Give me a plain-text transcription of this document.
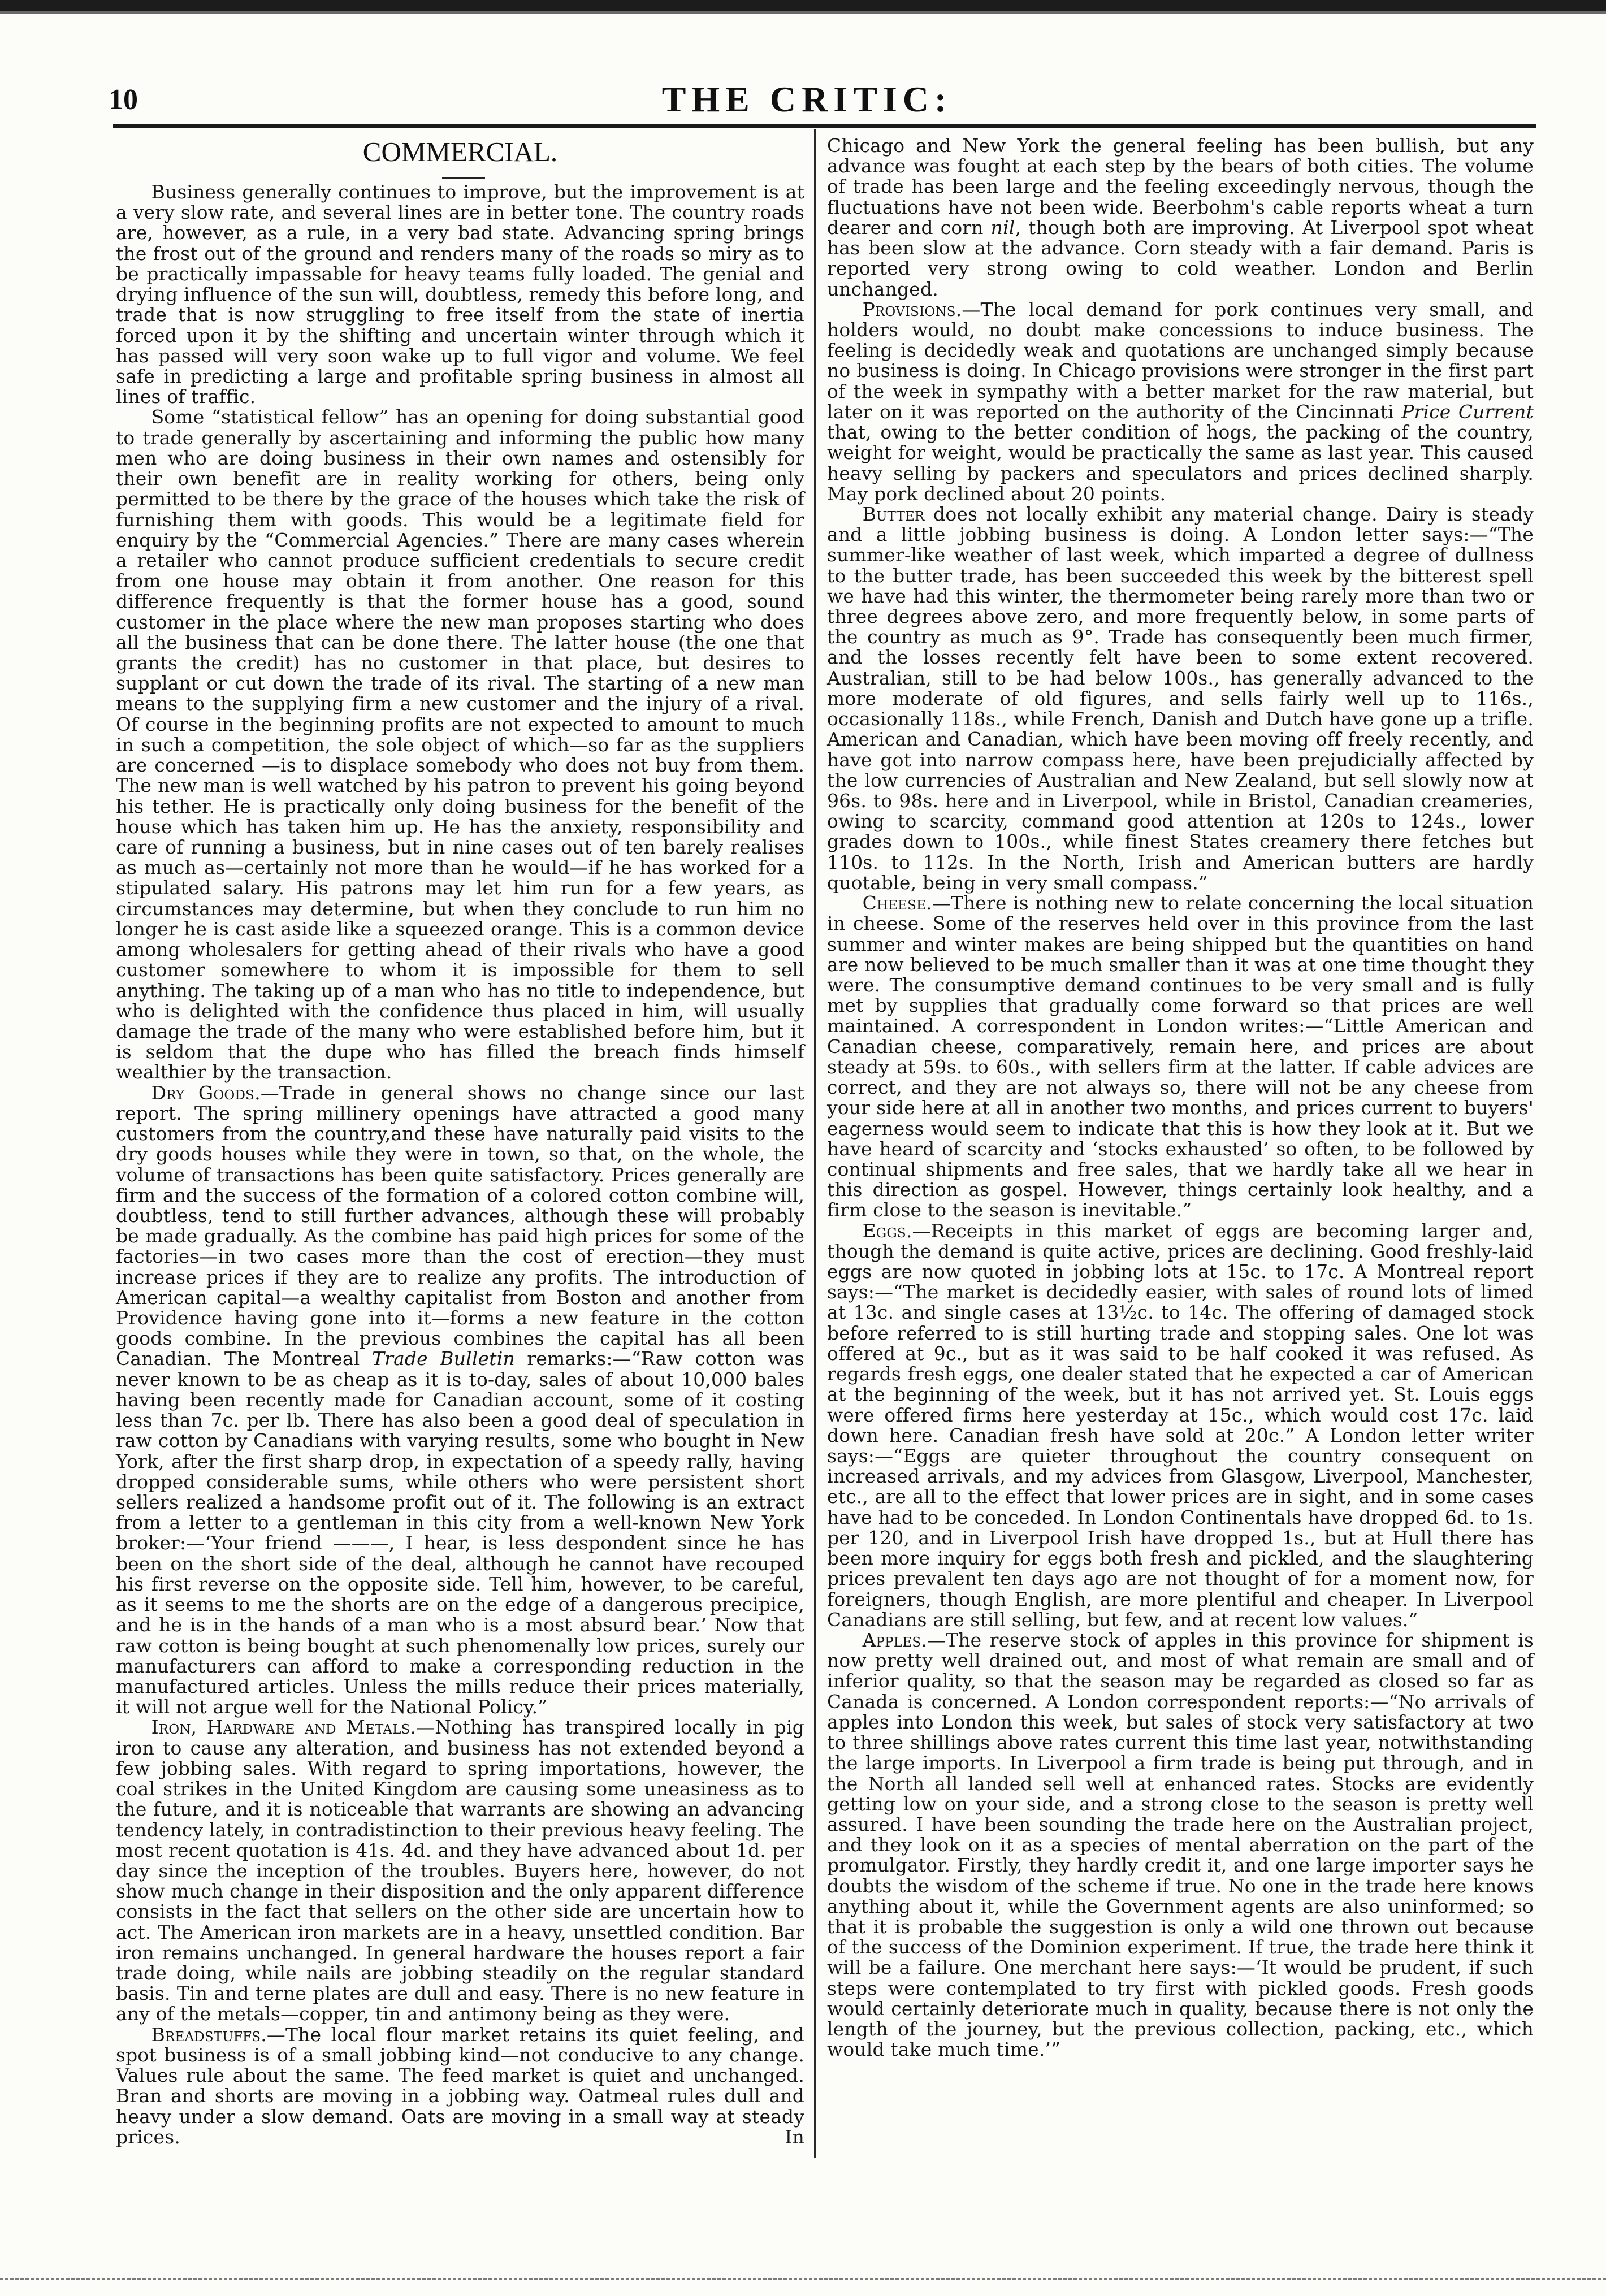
10	THE CRITIC:
COMMERCIAL.

Business generally continues to improve, but the improvement is at a very slow rate, and several lines are in better tone. The country roads are, however, as a rule, in a very bad state. Advancing spring brings the frost out of the ground and renders many of the roads so miry as to be practically impassable for heavy teams fully loaded. The genial and drying influence of the sun will, doubtless, remedy this before long, and trade that is now struggling to free itself from the state of inertia forced upon it by the shifting and uncertain winter through which it has passed will very soon wake up to full vigor and volume. We feel safe in predicting a large and profitable spring business in almost all lines of traffic.

Some “statistical fellow” has an opening for doing substantial good to trade generally by ascertaining and informing the public how many men who are doing business in their own names and ostensibly for their own benefit are in reality working for others, being only permitted to be there by the grace of the houses which take the risk of furnishing them with goods. This would be a legitimate field for enquiry by the “Commercial Agencies.” There are many cases wherein a retailer who cannot produce sufficient credentials to secure credit from one house may obtain it from another. One reason for this difference frequently is that the former house has a good, sound customer in the place where the new man proposes starting who does all the business that can be done there. The latter house (the one that grants the credit) has no customer in that place, but desires to supplant or cut down the trade of its rival. The starting of a new man means to the supplying firm a new customer and the injury of a rival. Of course in the beginning profits are not expected to amount to much in such a competition, the sole object of which—so far as the suppliers are concerned —is to displace somebody who does not buy from them. The new man is well watched by his patron to prevent his going beyond his tether. He is practically only doing business for the benefit of the house which has taken him up. He has the anxiety, responsibility and care of running a business, but in nine cases out of ten barely realises as much as—certainly not more than he would—if he has worked for a stipulated salary. His patrons may let him run for a few years, as circumstances may determine, but when they conclude to run him no longer he is cast aside like a squeezed orange. This is a common device among wholesalers for getting ahead of their rivals who have a good customer somewhere to whom it is impossible for them to sell anything. The taking up of a man who has no title to independence, but who is delighted with the confidence thus placed in him, will usually damage the trade of the many who were established before him, but it is seldom that the dupe who has filled the breach finds himself wealthier by the transaction.

Dry Goods.—Trade in general shows no change since our last report. The spring millinery openings have attracted a good many customers from the country,and these have naturally paid visits to the dry goods houses while they were in town, so that, on the whole, the volume of transactions has been quite satisfactory. Prices generally are firm and the success of the formation of a colored cotton combine will, doubtless, tend to still further advances, although these will probably be made gradually. As the combine has paid high prices for some of the factories—in two cases more than the cost of erection—they must increase prices if they are to realize any profits. The introduction of American capital—a wealthy capitalist from Boston and another from Providence having gone into it—forms a new feature in the cotton goods combine. In the previous combines the capital has all been Canadian. The Montreal Trade Bulletin remarks:—“Raw cotton was never known to be as cheap as it is to-day, sales of about 10,000 bales having been recently made for Canadian account, some of it costing less than 7c. per lb. There has also been a good deal of speculation in raw cotton by Canadians with varying results, some who bought in New York, after the first sharp drop, in expectation of a speedy rally, having dropped considerable sums, while others who were persistent short sellers realized a handsome profit out of it. The following is an extract from a letter to a gentleman in this city from a well-known New York broker:—‘Your friend ———, I hear, is less despondent since he has been on the short side of the deal, although he cannot have recouped his first reverse on the opposite side. Tell him, however, to be careful, as it seems to me the shorts are on the edge of a dangerous precipice, and he is in the hands of a man who is a most absurd bear.’ Now that raw cotton is being bought at such phenomenally low prices, surely our manufacturers can afford to make a corresponding reduction in the manufactured articles. Unless the mills reduce their prices materially, it will not argue well for the National Policy.”

Iron, Hardware and Metals.—Nothing has transpired locally in pig iron to cause any alteration, and business has not extended beyond a few jobbing sales. With regard to spring importations, however, the coal strikes in the United Kingdom are causing some uneasiness as to the future, and it is noticeable that warrants are showing an advancing tendency lately, in contradistinction to their previous heavy feeling. The most recent quotation is 41s. 4d. and they have advanced about 1d. per day since the inception of the troubles. Buyers here, however, do not show much change in their disposition and the only apparent difference consists in the fact that sellers on the other side are uncertain how to act. The American iron markets are in a heavy, unsettled condition. Bar iron remains unchanged. In general hardware the houses report a fair trade doing, while nails are jobbing steadily on the regular standard basis. Tin and terne plates are dull and easy. There is no new feature in any of the metals—copper, tin and antimony being as they were.

Breadstuffs.—The local flour market retains its quiet feeling, and spot business is of a small jobbing kind—not conducive to any change. Values rule about the same. The feed market is quiet and unchanged. Bran and shorts are moving in a jobbing way. Oatmeal rules dull and heavy under a slow demand. Oats are moving in a small way at steady prices. In

Chicago and New York the general feeling has been bullish, but any advance was fought at each step by the bears of both cities. The volume of trade has been large and the feeling exceedingly nervous, though the fluctuations have not been wide. Beerbohm's cable reports wheat a turn dearer and corn nil, though both are improving. At Liverpool spot wheat has been slow at the advance. Corn steady with a fair demand. Paris is reported very strong owing to cold weather. London and Berlin unchanged.

Provisions.—The local demand for pork continues very small, and holders would, no doubt make concessions to induce business. The feeling is decidedly weak and quotations are unchanged simply because no business is doing. In Chicago provisions were stronger in the first part of the week in sympathy with a better market for the raw material, but later on it was reported on the authority of the Cincinnati Price Current that, owing to the better condition of hogs, the packing of the country, weight for weight, would be practically the same as last year. This caused heavy selling by packers and speculators and prices declined sharply. May pork declined about 20 points.

Butter does not locally exhibit any material change. Dairy is steady and a little jobbing business is doing. A London letter says:—“The summer-like weather of last week, which imparted a degree of dullness to the butter trade, has been succeeded this week by the bitterest spell we have had this winter, the thermometer being rarely more than two or three degrees above zero, and more frequently below, in some parts of the country as much as 9°. Trade has consequently been much firmer, and the losses recently felt have been to some extent recovered. Australian, still to be had below 100s., has generally advanced to the more moderate of old figures, and sells fairly well up to 116s., occasionally 118s., while French, Danish and Dutch have gone up a trifle. American and Canadian, which have been moving off freely recently, and have got into narrow compass here, have been prejudicially affected by the low currencies of Australian and New Zealand, but sell slowly now at 96s. to 98s. here and in Liverpool, while in Bristol, Canadian creameries, owing to scarcity, command good attention at 120s to 124s., lower grades down to 100s., while finest States creamery there fetches but 110s. to 112s. In the North, Irish and American butters are hardly quotable, being in very small compass.”

Cheese.—There is nothing new to relate concerning the local situation in cheese. Some of the reserves held over in this province from the last summer and winter makes are being shipped but the quantities on hand are now believed to be much smaller than it was at one time thought they were. The consumptive demand continues to be very small and is fully met by supplies that gradually come forward so that prices are well maintained. A correspondent in London writes:—“Little American and Canadian cheese, comparatively, remain here, and prices are about steady at 59s. to 60s., with sellers firm at the latter. If cable advices are correct, and they are not always so, there will not be any cheese from your side here at all in another two months, and prices current to buyers' eagerness would seem to indicate that this is how they look at it. But we have heard of scarcity and ‘stocks exhausted’ so often, to be followed by continual shipments and free sales, that we hardly take all we hear in this direction as gospel. However, things certainly look healthy, and a firm close to the season is inevitable.”

Eggs.—Receipts in this market of eggs are becoming larger and, though the demand is quite active, prices are declining. Good freshly-laid eggs are now quoted in jobbing lots at 15c. to 17c. A Montreal report says:—“The market is decidedly easier, with sales of round lots of limed at 13c. and single cases at 13½c. to 14c. The offering of damaged stock before referred to is still hurting trade and stopping sales. One lot was offered at 9c., but as it was said to be half cooked it was refused. As regards fresh eggs, one dealer stated that he expected a car of American at the beginning of the week, but it has not arrived yet. St. Louis eggs were offered firms here yesterday at 15c., which would cost 17c. laid down here. Canadian fresh have sold at 20c.” A London letter writer says:—“Eggs are quieter throughout the country consequent on increased arrivals, and my advices from Glasgow, Liverpool, Manchester, etc., are all to the effect that lower prices are in sight, and in some cases have had to be conceded. In London Continentals have dropped 6d. to 1s. per 120, and in Liverpool Irish have dropped 1s., but at Hull there has been more inquiry for eggs both fresh and pickled, and the slaughtering prices prevalent ten days ago are not thought of for a moment now, for foreigners, though English, are more plentiful and cheaper. In Liverpool Canadians are still selling, but few, and at recent low values.”

Apples.—The reserve stock of apples in this province for shipment is now pretty well drained out, and most of what remain are small and of inferior quality, so that the season may be regarded as closed so far as Canada is concerned. A London correspondent reports:—“No arrivals of apples into London this week, but sales of stock very satisfactory at two to three shillings above rates current this time last year, notwithstanding the large imports. In Liverpool a firm trade is being put through, and in the North all landed sell well at enhanced rates. Stocks are evidently getting low on your side, and a strong close to the season is pretty well assured. I have been sounding the trade here on the Australian project, and they look on it as a species of mental aberration on the part of the promulgator. Firstly, they hardly credit it, and one large importer says he doubts the wisdom of the scheme if true. No one in the trade here knows anything about it, while the Government agents are also uninformed; so that it is probable the suggestion is only a wild one thrown out because of the success of the Dominion experiment. If true, the trade here think it will be a failure. One merchant here says:—‘It would be prudent, if such steps were contemplated to try first with pickled goods. Fresh goods would certainly deteriorate much in quality, because there is not only the length of the journey, but the previous collection, packing, etc., which would take much time.’”
